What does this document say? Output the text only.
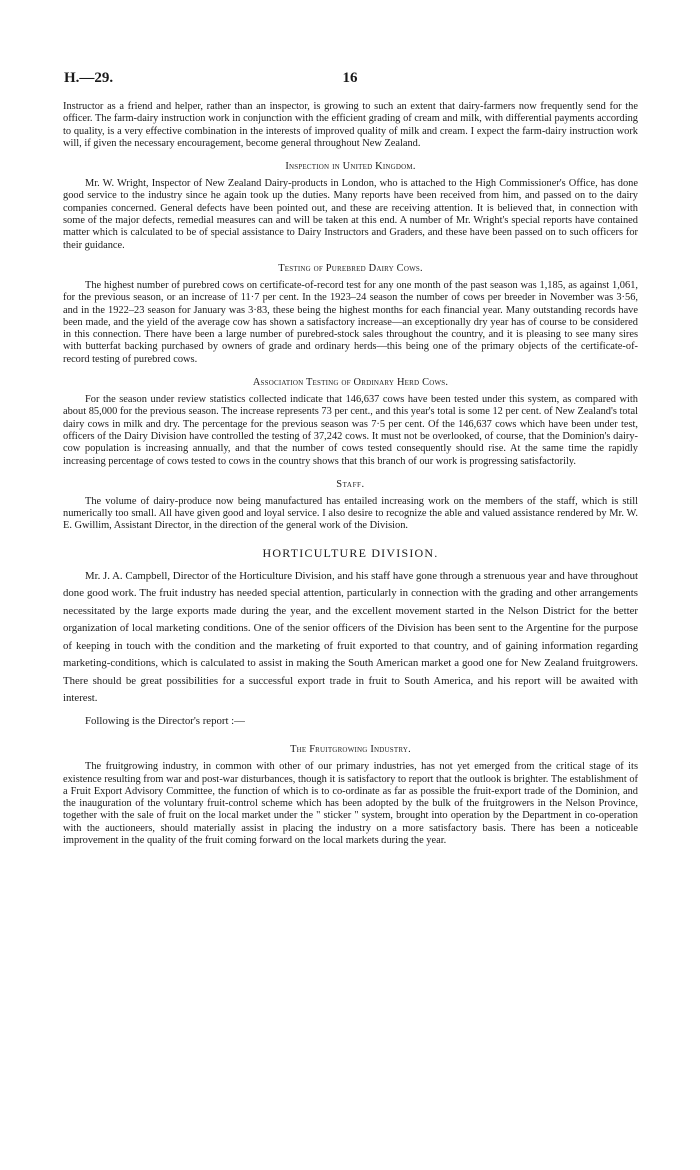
H.—29.	16

Instructor as a friend and helper, rather than an inspector, is growing to such an extent that dairy-farmers now frequently send for the officer. The farm-dairy instruction work in conjunction with the efficient grading of cream and milk, with differential payments according to quality, is a very effective combination in the interests of improved quality of milk and cream. I expect the farm-dairy instruction work will, if given the necessary encouragement, become general throughout New Zealand.

Inspection in United Kingdom.

Mr. W. Wright, Inspector of New Zealand Dairy-products in London, who is attached to the High Commissioner's Office, has done good service to the industry since he again took up the duties. Many reports have been received from him, and passed on to the dairy companies concerned. General defects have been pointed out, and these are receiving attention. It is believed that, in connection with some of the major defects, remedial measures can and will be taken at this end. A number of Mr. Wright's special reports have contained matter which is calculated to be of special assistance to Dairy Instructors and Graders, and these have been passed on to such officers for their guidance.

Testing of Purebred Dairy Cows.

The highest number of purebred cows on certificate-of-record test for any one month of the past season was 1,185, as against 1,061, for the previous season, or an increase of 11·7 per cent. In the 1923–24 season the number of cows per breeder in November was 3·56, and in the 1922–23 season for January was 3·83, these being the highest months for each financial year. Many outstanding records have been made, and the yield of the average cow has shown a satisfactory increase—an exceptionally dry year has of course to be considered in this connection. There have been a large number of purebred-stock sales throughout the country, and it is pleasing to see many sires with butterfat backing purchased by owners of grade and ordinary herds—this being one of the primary objects of the certificate-of-record testing of purebred cows.

Association Testing of Ordinary Herd Cows.

For the season under review statistics collected indicate that 146,637 cows have been tested under this system, as compared with about 85,000 for the previous season. The increase represents 73 per cent., and this year's total is some 12 per cent. of New Zealand's total dairy cows in milk and dry. The percentage for the previous season was 7·5 per cent. Of the 146,637 cows which have been under test, officers of the Dairy Division have controlled the testing of 37,242 cows. It must not be overlooked, of course, that the Dominion's dairy-cow population is increasing annually, and that the number of cows tested consequently should rise. At the same time the rapidly increasing percentage of cows tested to cows in the country shows that this branch of our work is progressing satisfactorily.

Staff.

The volume of dairy-produce now being manufactured has entailed increasing work on the members of the staff, which is still numerically too small. All have given good and loyal service. I also desire to recognize the able and valued assistance rendered by Mr. W. E. Gwillim, Assistant Director, in the direction of the general work of the Division.

HORTICULTURE DIVISION.

Mr. J. A. Campbell, Director of the Horticulture Division, and his staff have gone through a strenuous year and have throughout done good work. The fruit industry has needed special attention, particularly in connection with the grading and other arrangements necessitated by the large exports made during the year, and the excellent movement started in the Nelson District for the better organization of local marketing conditions. One of the senior officers of the Division has been sent to the Argentine for the purpose of keeping in touch with the condition and the marketing of fruit exported to that country, and of gaining information regarding marketing-conditions, which is calculated to assist in making the South American market a good one for New Zealand fruitgrowers. There should be great possibilities for a successful export trade in fruit to South America, and his report will be awaited with interest.

Following is the Director's report :—

The Fruitgrowing Industry.

The fruitgrowing industry, in common with other of our primary industries, has not yet emerged from the critical stage of its existence resulting from war and post-war disturbances, though it is satisfactory to report that the outlook is brighter. The establishment of a Fruit Export Advisory Committee, the function of which is to co-ordinate as far as possible the fruit-export trade of the Dominion, and the inauguration of the voluntary fruit-control scheme which has been adopted by the bulk of the fruitgrowers in the Nelson Province, together with the sale of fruit on the local market under the " sticker " system, brought into operation by the Department in co-operation with the auctioneers, should materially assist in placing the industry on a more satisfactory basis. There has been a noticeable improvement in the quality of the fruit coming forward on the local markets during the year.
